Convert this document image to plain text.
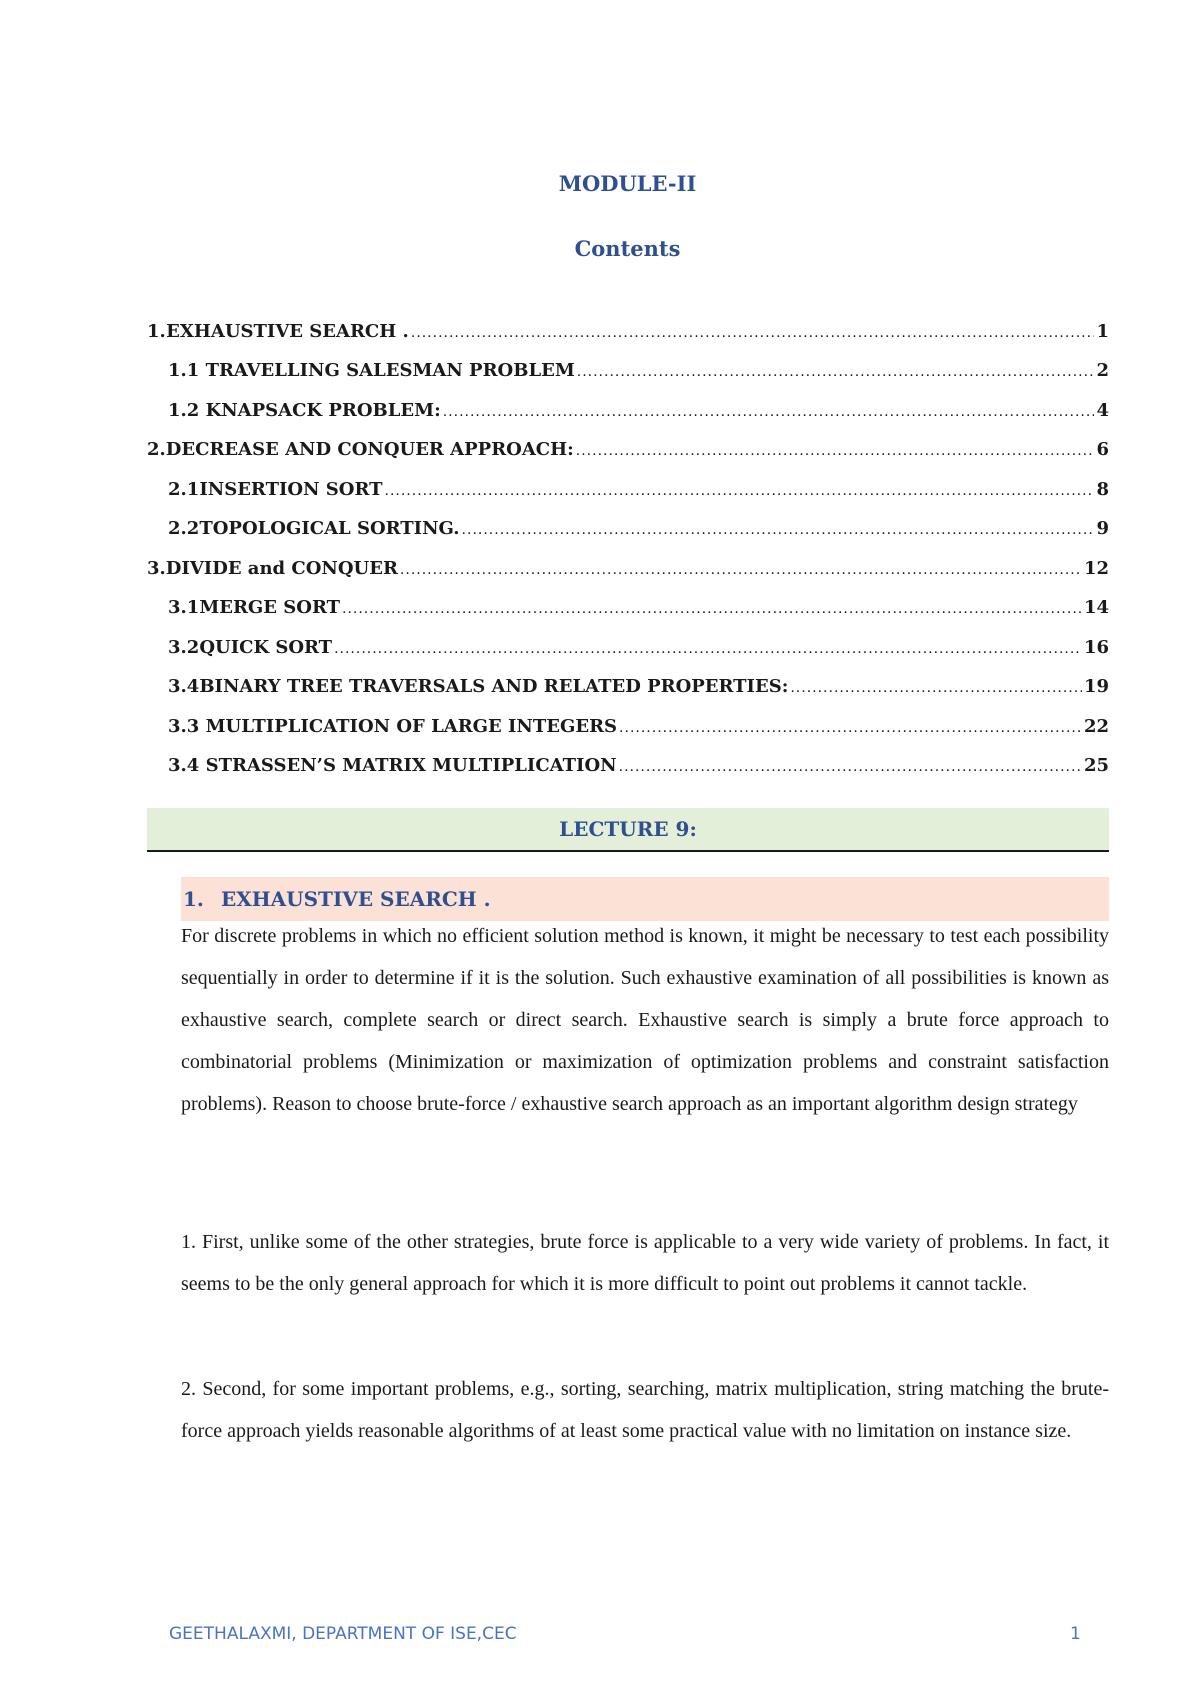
MODULE-II
Contents
1. EXHAUSTIVE SEARCH . .....	1
1.1 TRAVELLING SALESMAN PROBLEM .....	2
1.2 KNAPSACK PROBLEM: .....	4
2. DECREASE AND CONQUER APPROACH: .....	6
2.1 INSERTION SORT .....	8
2.2 TOPOLOGICAL SORTING. .....	9
3.DIVIDE and CONQUER .....	12
3.1MERGE SORT .....	14
3.2QUICK SORT .....	16
3.4BINARY TREE TRAVERSALS AND RELATED PROPERTIES: .....	19
3.3 MULTIPLICATION OF LARGE INTEGERS .....	22
3.4 STRASSEN’S MATRIX MULTIPLICATION .....	25
LECTURE 9:
1. EXHAUSTIVE SEARCH .
For discrete problems in which no efficient solution method is known, it might be necessary to test each possibility sequentially in order to determine if it is the solution. Such exhaustive examination of all possibilities is known as exhaustive search, complete search or direct search. Exhaustive search is simply a brute force approach to combinatorial problems (Minimization or maximization of optimization problems and constraint satisfaction problems). Reason to choose brute-force / exhaustive search approach as an important algorithm design strategy
1. First, unlike some of the other strategies, brute force is applicable to a very wide variety of problems. In fact, it seems to be the only general approach for which it is more difficult to point out problems it cannot tackle.
2. Second, for some important problems, e.g., sorting, searching, matrix multiplication, string matching the brute-force approach yields reasonable algorithms of at least some practical value with no limitation on instance size.
GEETHALAXMI, DEPARTMENT OF ISE,CEC	1
